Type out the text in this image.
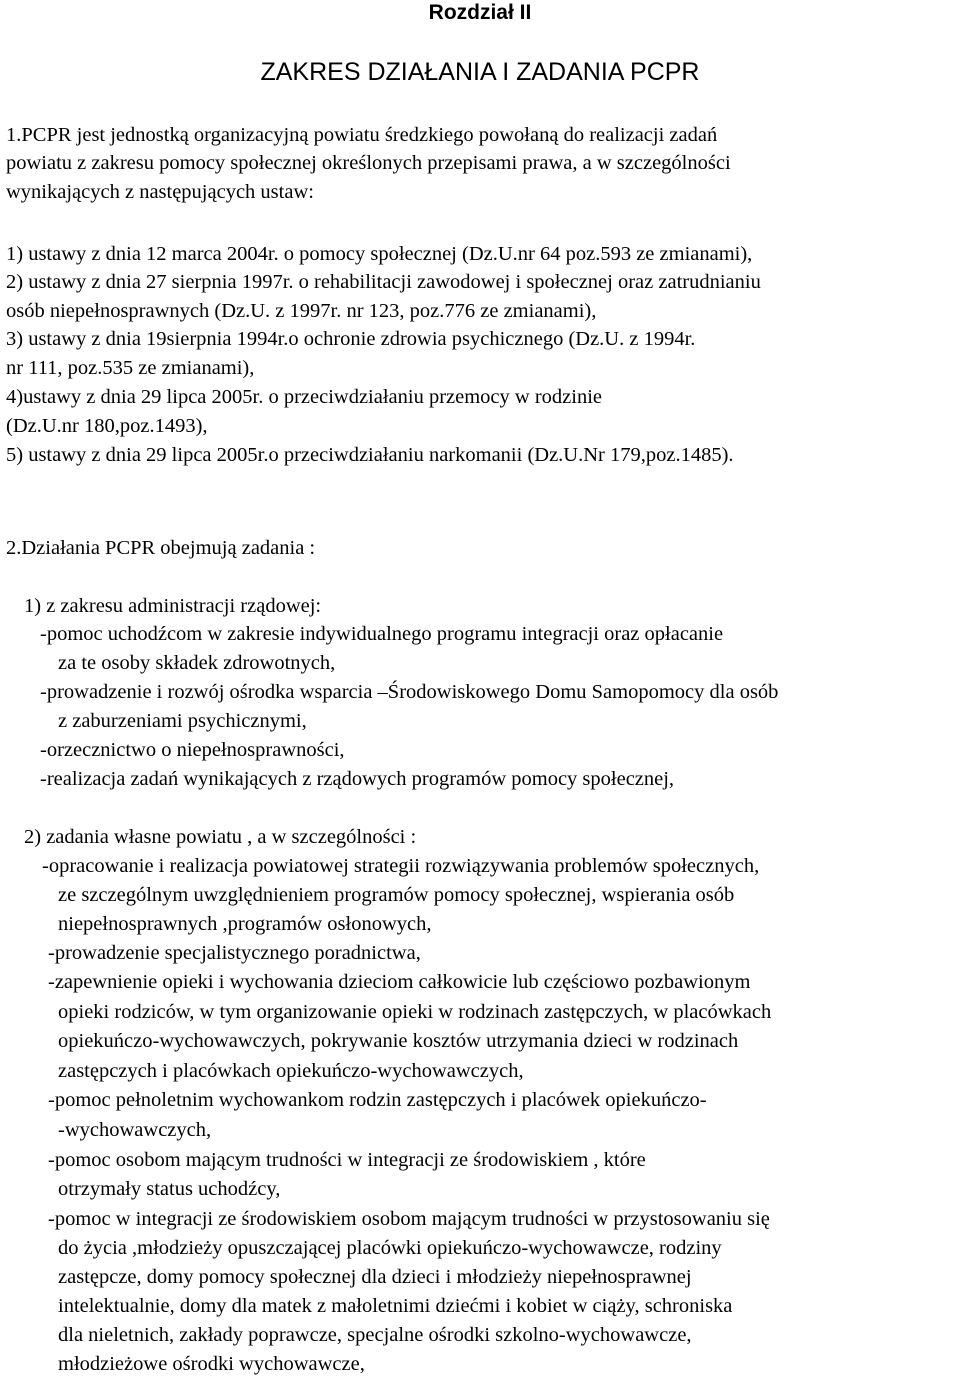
Rozdział II
ZAKRES DZIAŁANIA I ZADANIA PCPR
1.PCPR jest jednostką organizacyjną powiatu średzkiego powołaną do realizacji zadań
powiatu z zakresu pomocy społecznej określonych przepisami prawa, a w szczególności
wynikających z następujących ustaw:
1) ustawy z dnia 12 marca 2004r. o pomocy społecznej (Dz.U.nr 64 poz.593 ze zmianami),
2) ustawy z dnia 27 sierpnia 1997r. o rehabilitacji zawodowej i społecznej oraz zatrudnianiu
osób niepełnosprawnych (Dz.U. z 1997r. nr 123, poz.776 ze zmianami),
3) ustawy z dnia 19sierpnia 1994r.o ochronie zdrowia psychicznego (Dz.U. z 1994r.
nr 111, poz.535 ze zmianami),
4)ustawy z dnia 29 lipca 2005r. o przeciwdziałaniu przemocy w rodzinie
(Dz.U.nr 180,poz.1493),
5) ustawy z dnia 29 lipca 2005r.o przeciwdziałaniu narkomanii (Dz.U.Nr 179,poz.1485).
2.Działania PCPR obejmują zadania :
1) z zakresu administracji rządowej:
-pomoc uchodźcom w zakresie indywidualnego programu integracji oraz opłacanie
za te osoby składek zdrowotnych,
-prowadzenie i rozwój ośrodka wsparcia –Środowiskowego Domu Samopomocy dla osób
z zaburzeniami psychicznymi,
-orzecznictwo o niepełnosprawności,
-realizacja zadań wynikających z rządowych programów pomocy społecznej,
2) zadania własne powiatu , a w szczególności :
-opracowanie i realizacja powiatowej strategii rozwiązywania problemów społecznych,
ze szczególnym uwzględnieniem programów pomocy społecznej, wspierania osób
niepełnosprawnych ,programów osłonowych,
-prowadzenie specjalistycznego poradnictwa,
-zapewnienie opieki i wychowania dzieciom całkowicie lub częściowo pozbawionym
opieki rodziców, w tym organizowanie opieki w rodzinach zastępczych, w placówkach
opiekuńczo-wychowawczych, pokrywanie kosztów utrzymania dzieci w rodzinach
zastępczych i placówkach opiekuńczo-wychowawczych,
-pomoc pełnoletnim wychowankom rodzin zastępczych i placówek opiekuńczo-
-wychowawczych,
-pomoc osobom mającym trudności w integracji ze środowiskiem , które
otrzymały status uchodźcy,
-pomoc w integracji ze środowiskiem osobom mającym trudności w przystosowaniu się
do życia ,młodzieży opuszczającej placówki opiekuńczo-wychowawcze, rodziny
zastępcze, domy pomocy społecznej dla dzieci i młodzieży niepełnosprawnej
intelektualnie, domy dla matek z małoletnimi dziećmi i kobiet w ciąży, schroniska
dla nieletnich, zakłady poprawcze, specjalne ośrodki szkolno-wychowawcze,
młodzieżowe ośrodki wychowawcze,
